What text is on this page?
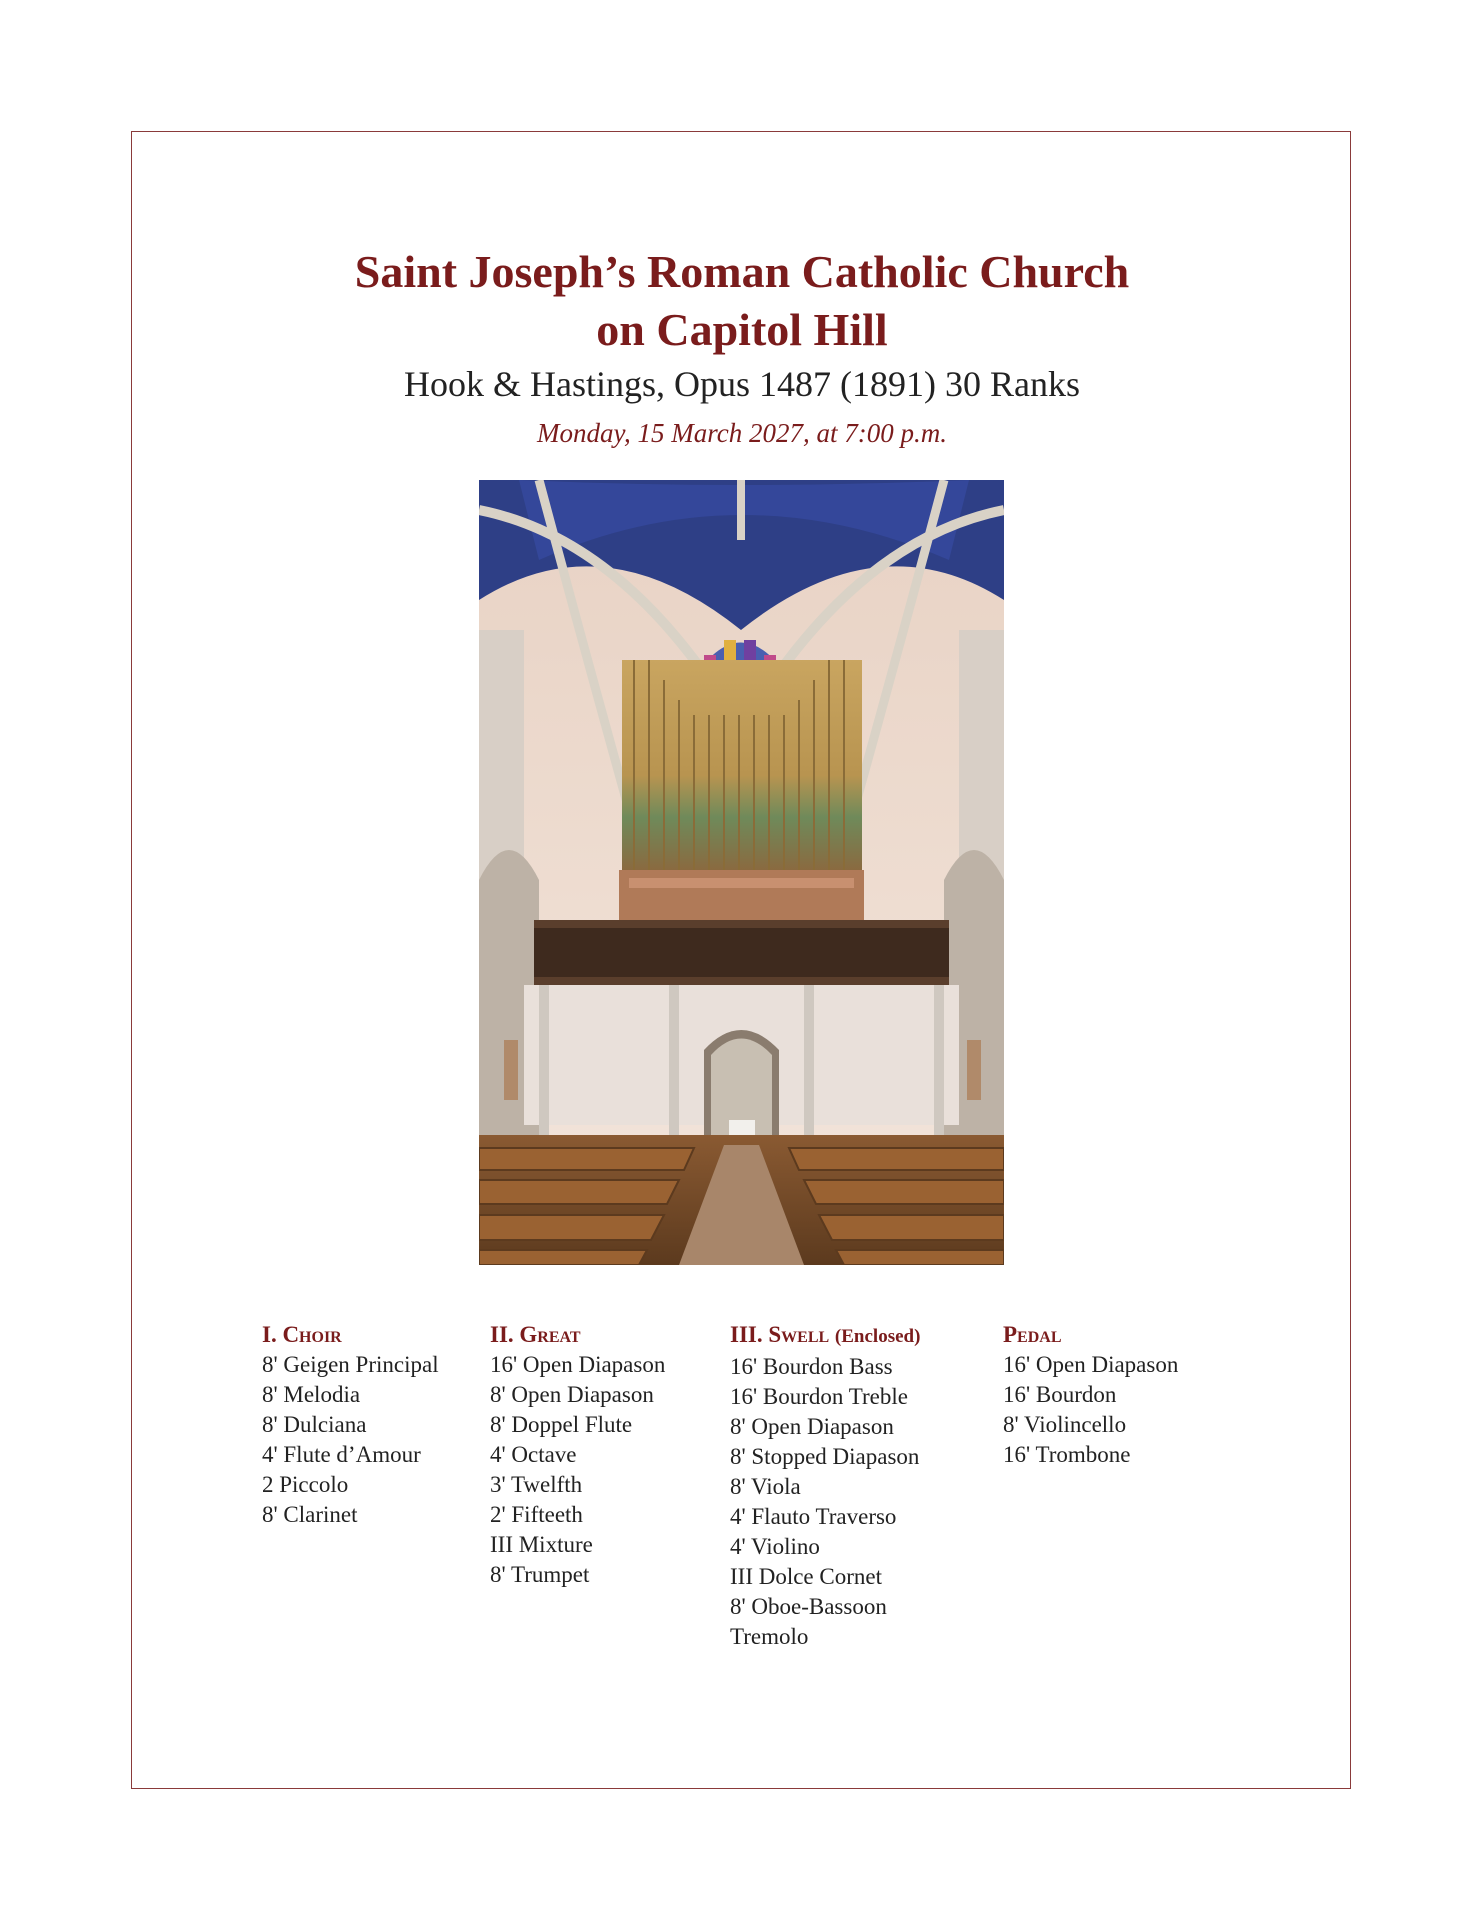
Saint Joseph’s Roman Catholic Church
on Capitol Hill
Hook & Hastings, Opus 1487 (1891) 30 Ranks
Monday, 15 March 2027, at 7:00 p.m.
I. Choir
8' Geigen Principal
8' Melodia
8' Dulciana
4' Flute d’Amour
2 Piccolo
8' Clarinet
II. Great
16' Open Diapason
8' Open Diapason
8' Doppel Flute
4' Octave
3' Twelfth
2' Fifteeth
III Mixture
8' Trumpet
III. Swell (Enclosed)
16' Bourdon Bass
16' Bourdon Treble
8' Open Diapason
8' Stopped Diapason
8' Viola
4' Flauto Traverso
4' Violino
III Dolce Cornet
8' Oboe-Bassoon
Tremolo
Pedal
16' Open Diapason
16' Bourdon
8' Violincello
16' Trombone
